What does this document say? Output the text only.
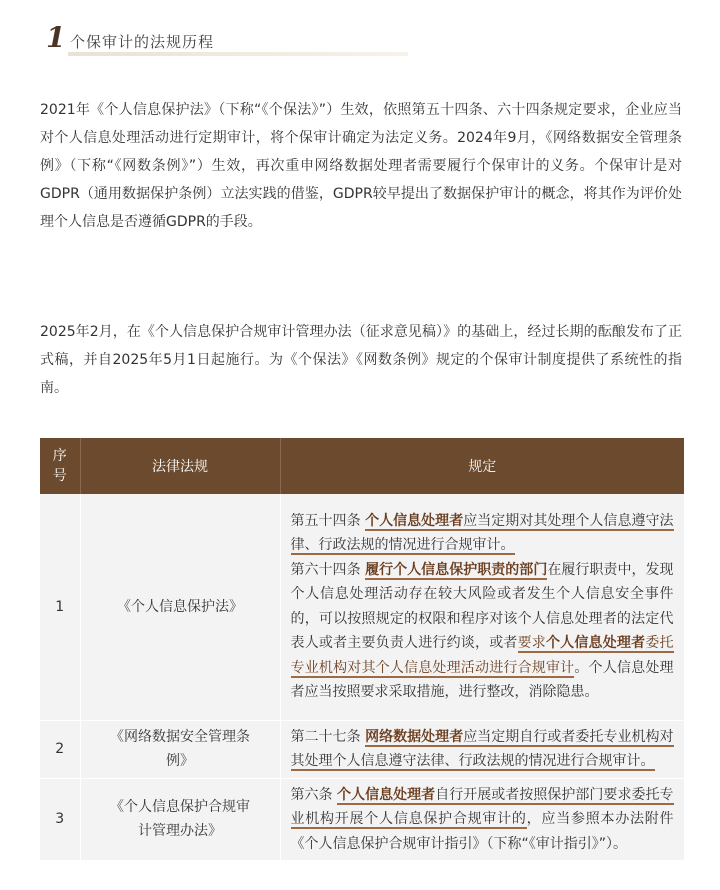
1 个保审计的法规历程
2021年《个人信息保护法》（下称“《个保法》”）生效，依照第五十四条、六十四条规定要求，企业应当对个人信息处理活动进行定期审计，将个保审计确定为法定义务。2024年9月，《网络数据安全管理条例》（下称“《网数条例》”）生效，再次重申网络数据处理者需要履行个保审计的义务。个保审计是对GDPR（通用数据保护条例）立法实践的借鉴，GDPR较早提出了数据保护审计的概念，将其作为评价处理个人信息是否遵循GDPR的手段。
2025年2月，在《个人信息保护合规审计管理办法（征求意见稿）》的基础上，经过长期的酝酿发布了正式稿，并自2025年5月1日起施行。为《个保法》《网数条例》规定的个保审计制度提供了系统性的指南。
序号	法律法规	规定
1	《个人信息保护法》	第五十四条 个人信息处理者应当定期对其处理个人信息遵守法律、行政法规的情况进行合规审计。
第六十四条 履行个人信息保护职责的部门在履行职责中，发现个人信息处理活动存在较大风险或者发生个人信息安全事件的，可以按照规定的权限和程序对该个人信息处理者的法定代表人或者主要负责人进行约谈，或者要求个人信息处理者委托专业机构对其个人信息处理活动进行合规审计。个人信息处理者应当按照要求采取措施，进行整改，消除隐患。

2	《网络数据安全管理条例》	第二十七条 网络数据处理者应当定期自行或者委托专业机构对其处理个人信息遵守法律、行政法规的情况进行合规审计。
3	《个人信息保护合规审计管理办法》	第六条 个人信息处理者自行开展或者按照保护部门要求委托专业机构开展个人信息保护合规审计的，应当参照本办法附件《个人信息保护合规审计指引》（下称“《审计指引》”）。
